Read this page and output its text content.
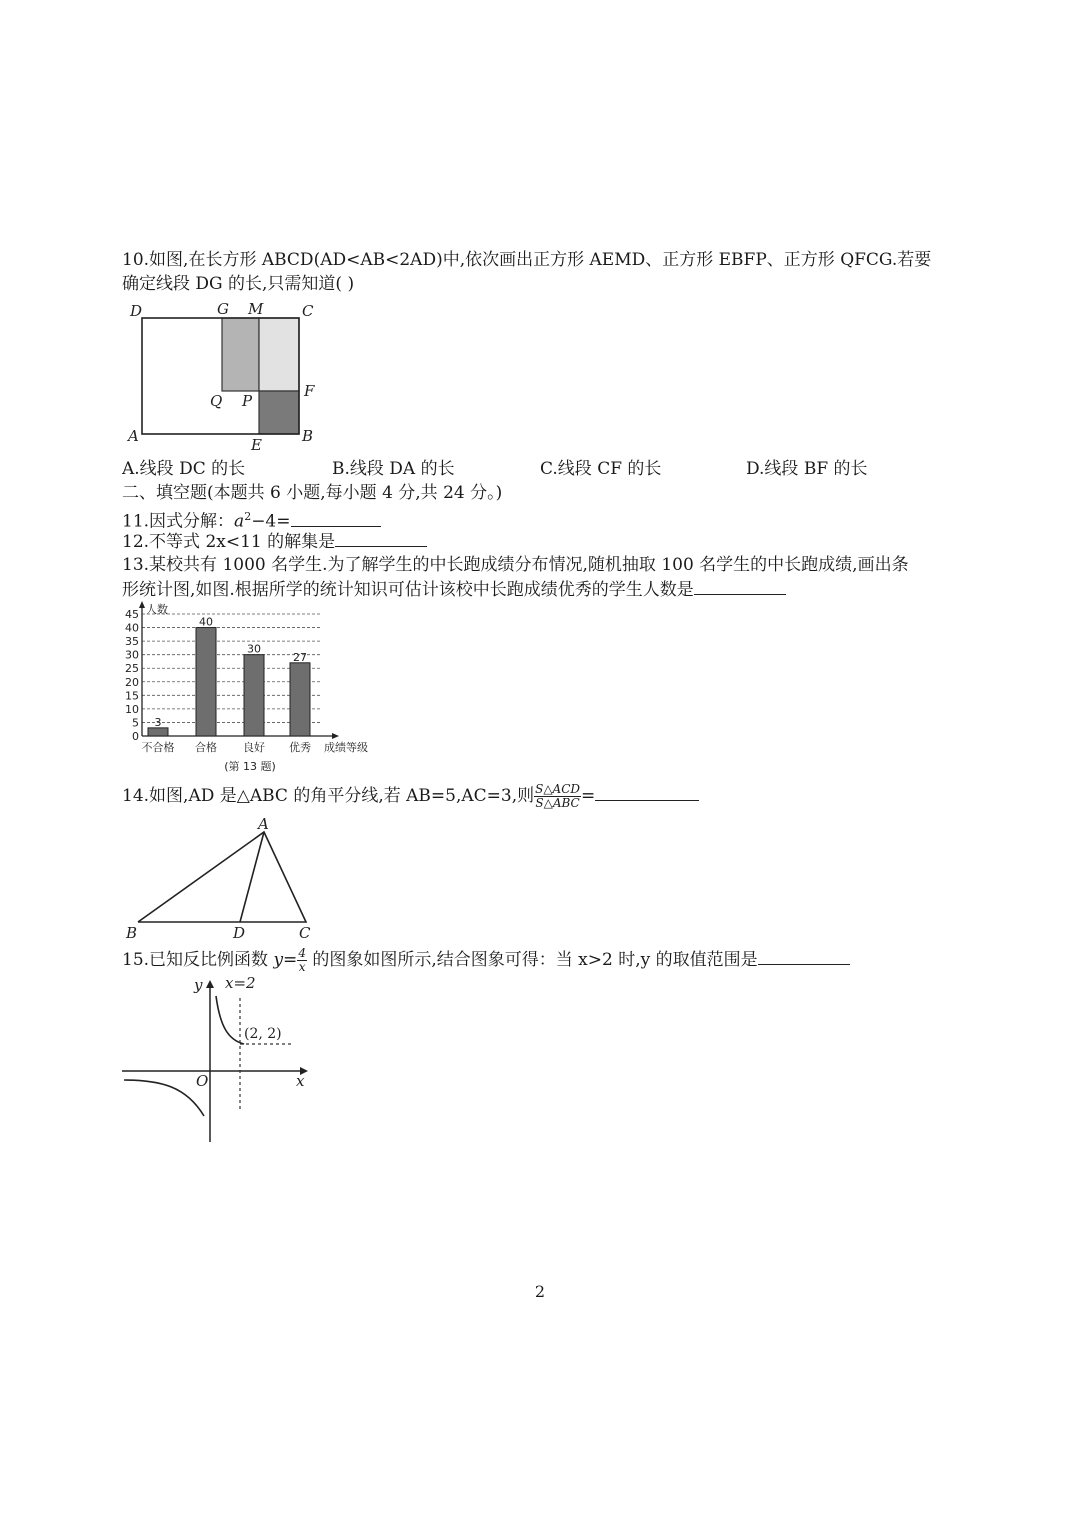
10.如图,在长方形 ABCD(AD<AB<2AD)中,依次画出正方形 AEMD、正方形 EBFP、正方形 QFCG.若要
确定线段 DG 的长,只需知道( )
D	G M	C
Q P
F
A	E	B
A.线段 DC 的长	B.线段 DA 的长	C.线段 CF 的长	D.线段 BF 的长
二、填空题(本题共 6 小题,每小题 4 分,共 24 分。)
11.因式分解：$a^2-4=$
12.不等式 2x<11 的解集是
13.某校共有 1000 名学生.为了解学生的中长跑成绩分布情况,随机抽取 100 名学生的中长跑成绩,画出条
形统计图,如图.根据所学的统计知识可估计该校中长跑成绩优秀的学生人数是
0
5
10
15
20
25
30
35
40
45 人数
3
不合格
40
合格
30
良好
27
优秀 成绩等级
(第 13 题)
14.如图,AD 是△ABC 的角平分线,若 AB=5,AC=3,则 $\frac{\text{S△ACD}}{\text{S△ABC}}$ =
A
B	D	C
15.已知反比例函数 $y= \frac{4}{x}$ 的图象如图所示,结合图象可得：当 x>2 时,y 的取值范围是
y x=2
(2, 2)
O	x
2
